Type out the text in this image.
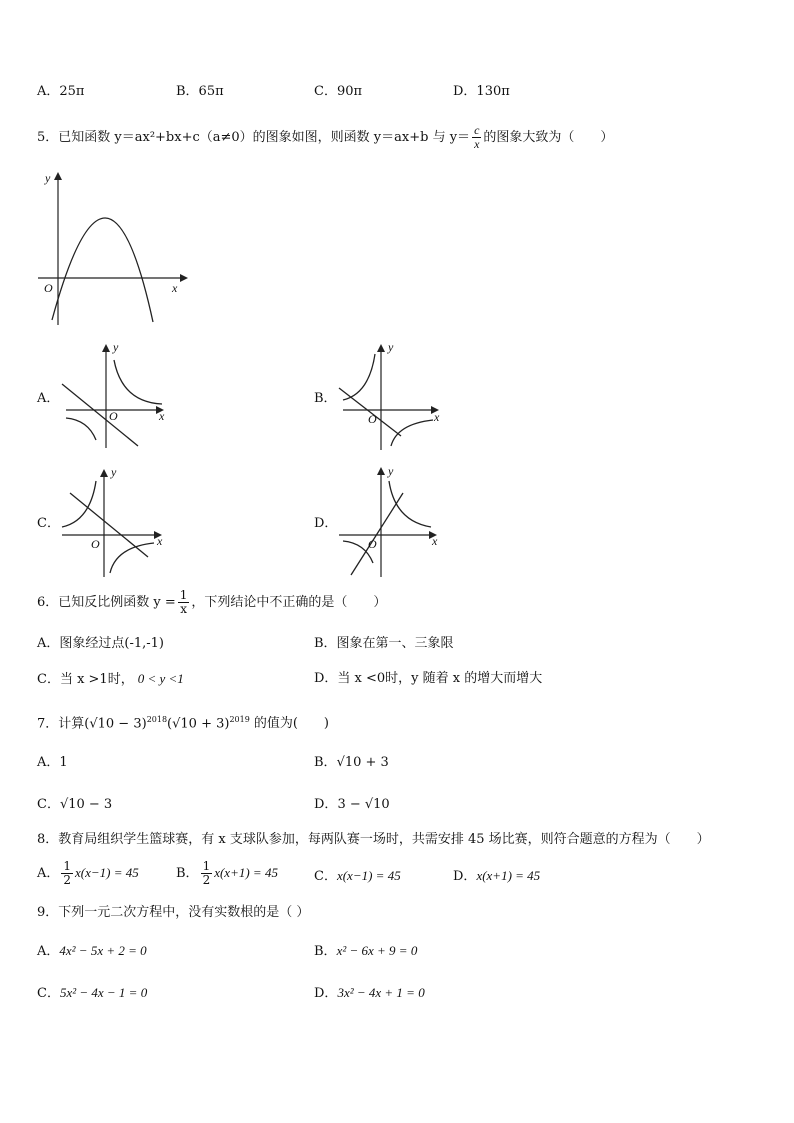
A．25π	B．65π	C．90π	D．130π
5．已知函数 y＝ax²+bx+c（a≠0）的图象如图，则函数 y＝ax+b 与 $y= \frac{c}{x}$ 的图象大致为（　　）
y
x
O
A．
y
x
O
B．
y
x
O
C．
y
x
O
D．
y
x
O
6．已知反比例函数 $y = \frac{1}{x}$ ，下列结论中不正确的是（　　）
A．图象经过点(-1,-1)	B．图象在第一、三象限
C．当 x >1时， 0 < y <1	D．当 x <0时，y 随着 x 的增大而增大
7．计算$(√10 - 3)^{2018}(√10 + 3)^{2019}$ 的值为(　　)
A．1	B．√10 + 3
C．√10 − 3	D．3 − √10
8．教育局组织学生篮球赛，有 x 支球队参加，每两队赛一场时，共需安排 45 场比赛，则符合题意的方程为（　　）
A． $\frac{1}{2} x(x-1) = 45$	B． $\frac{1}{2} x(x+1) = 45$	C．x(x−1) = 45	D．x(x+1) = 45
9．下列一元二次方程中，没有实数根的是（ ）
A．4x² − 5x + 2 = 0	B．x² − 6x + 9 = 0
C．5x² − 4x − 1 = 0	D．3x² − 4x + 1 = 0
